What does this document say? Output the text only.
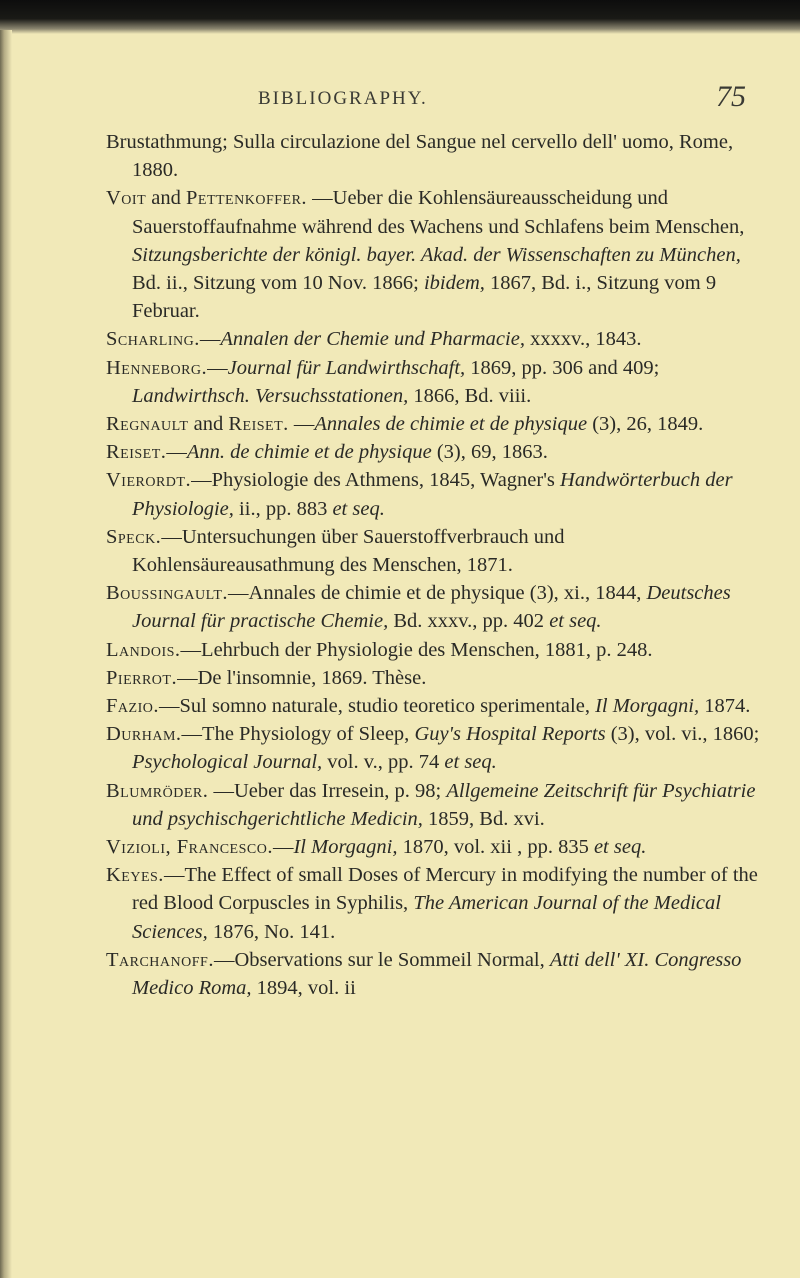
BIBLIOGRAPHY.	75

Brustathmung; Sulla circulazione del Sangue nel cervello dell' uomo, Rome, 1880.

Voit and Pettenkoffer. —Ueber die Kohlensäureausscheidung und Sauerstoffaufnahme während des Wachens und Schlafens beim Menschen, Sitzungsberichte der königl. bayer. Akad. der Wissenschaften zu München, Bd. ii., Sitzung vom 10 Nov. 1866; ibidem, 1867, Bd. i., Sitzung vom 9 Februar.

Scharling.—Annalen der Chemie und Pharmacie, xxxxv., 1843.

Henneborg.—Journal für Landwirthschaft, 1869, pp. 306 and 409; Landwirthsch. Versuchsstationen, 1866, Bd. viii.

Regnault and Reiset. —Annales de chimie et de physique (3), 26, 1849.

Reiset.—Ann. de chimie et de physique (3), 69, 1863.

Vierordt.—Physiologie des Athmens, 1845, Wagner's Handwörterbuch der Physiologie, ii., pp. 883 et seq.

Speck.—Untersuchungen über Sauerstoffverbrauch und Kohlensäureausathmung des Menschen, 1871.

Boussingault.—Annales de chimie et de physique (3), xi., 1844, Deutsches Journal für practische Chemie, Bd. xxxv., pp. 402 et seq.

Landois.—Lehrbuch der Physiologie des Menschen, 1881, p. 248.

Pierrot.—De l'insomnie, 1869. Thèse.

Fazio.—Sul somno naturale, studio teoretico sperimentale, Il Morgagni, 1874.

Durham.—The Physiology of Sleep, Guy's Hospital Reports (3), vol. vi., 1860; Psychological Journal, vol. v., pp. 74 et seq.

Blumröder. —Ueber das Irresein, p. 98; Allgemeine Zeitschrift für Psychiatrie und psychischgerichtliche Medicin, 1859, Bd. xvi.

Vizioli, Francesco.—Il Morgagni, 1870, vol. xii , pp. 835 et seq.

Keyes.—The Effect of small Doses of Mercury in modifying the number of the red Blood Corpuscles in Syphilis, The American Journal of the Medical Sciences, 1876, No. 141.

Tarchanoff.—Observations sur le Sommeil Normal, Atti dell' XI. Congresso Medico Roma, 1894, vol. ii
